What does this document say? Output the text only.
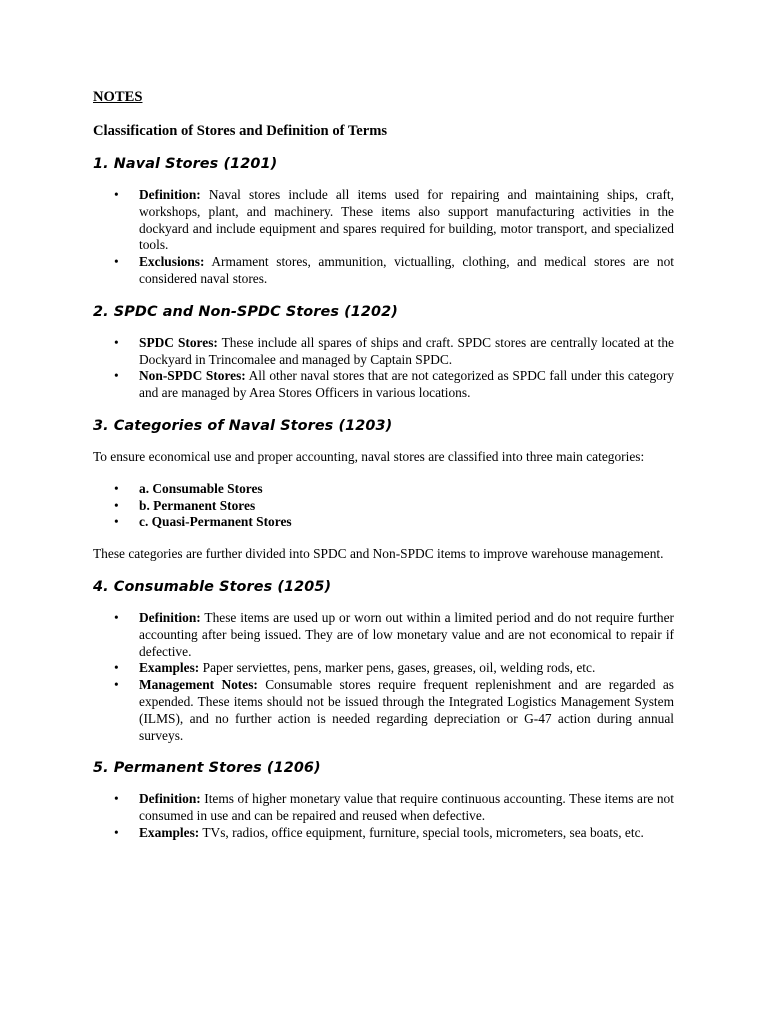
NOTES
Classification of Stores and Definition of Terms
1. Naval Stores (1201)
• Definition: Naval stores include all items used for repairing and maintaining ships, craft, workshops, plant, and machinery. These items also support manufacturing activities in the dockyard and include equipment and spares required for building, motor transport, and specialized tools.
• Exclusions: Armament stores, ammunition, victualling, clothing, and medical stores are not considered naval stores.
2. SPDC and Non-SPDC Stores (1202)
• SPDC Stores: These include all spares of ships and craft. SPDC stores are centrally located at the Dockyard in Trincomalee and managed by Captain SPDC.
• Non-SPDC Stores: All other naval stores that are not categorized as SPDC fall under this category and are managed by Area Stores Officers in various locations.
3. Categories of Naval Stores (1203)

To ensure economical use and proper accounting, naval stores are classified into three main categories:

• a. Consumable Stores
• b. Permanent Stores
• c. Quasi-Permanent Stores

These categories are further divided into SPDC and Non-SPDC items to improve warehouse management.

4. Consumable Stores (1205)
• Definition: These items are used up or worn out within a limited period and do not require further accounting after being issued. They are of low monetary value and are not economical to repair if defective.
• Examples: Paper serviettes, pens, marker pens, gases, greases, oil, welding rods, etc.
• Management Notes: Consumable stores require frequent replenishment and are regarded as expended. These items should not be issued through the Integrated Logistics Management System (ILMS), and no further action is needed regarding depreciation or G-47 action during annual surveys.
5. Permanent Stores (1206)
• Definition: Items of higher monetary value that require continuous accounting. These items are not consumed in use and can be repaired and reused when defective.
• Examples: TVs, radios, office equipment, furniture, special tools, micrometers, sea boats, etc.
